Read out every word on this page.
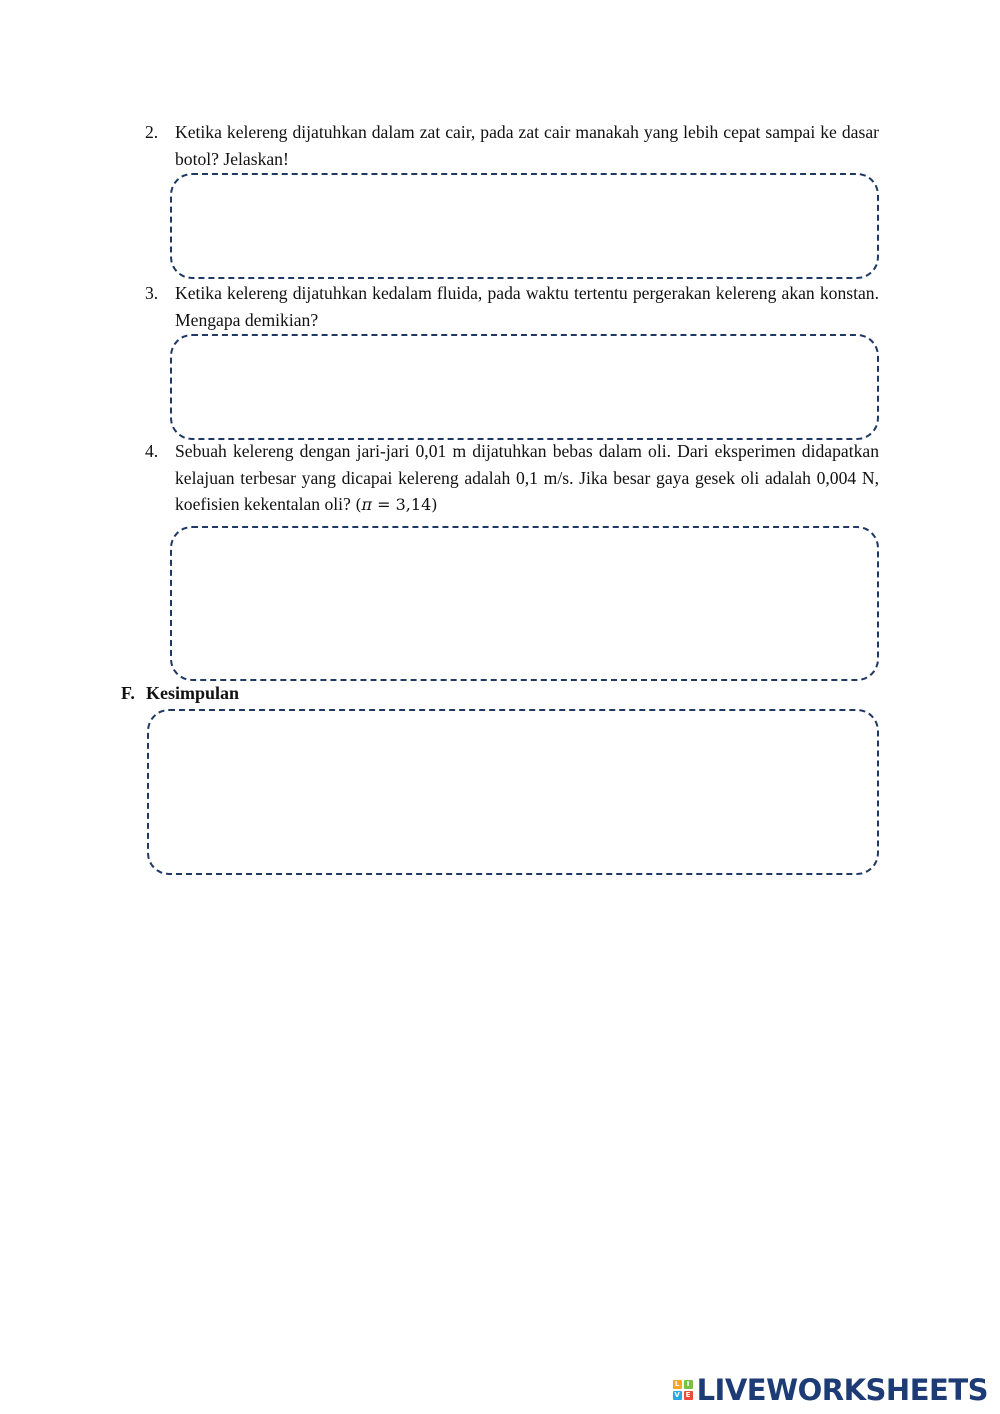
2. Ketika kelereng dijatuhkan dalam zat cair, pada zat cair manakah yang lebih cepat sampai ke dasar botol? Jelaskan!
3. Ketika kelereng dijatuhkan kedalam fluida, pada waktu tertentu pergerakan kelereng akan konstan. Mengapa demikian?
4. Sebuah kelereng dengan jari-jari 0,01 m dijatuhkan bebas dalam oli. Dari eksperimen didapatkan kelajuan terbesar yang dicapai kelereng adalah 0,1 m/s. Jika besar gaya gesek oli adalah 0,004 N, koefisien kekentalan oli? (π = 3,14)
F. Kesimpulan
L	I
V E LIVEWORKSHEETS
